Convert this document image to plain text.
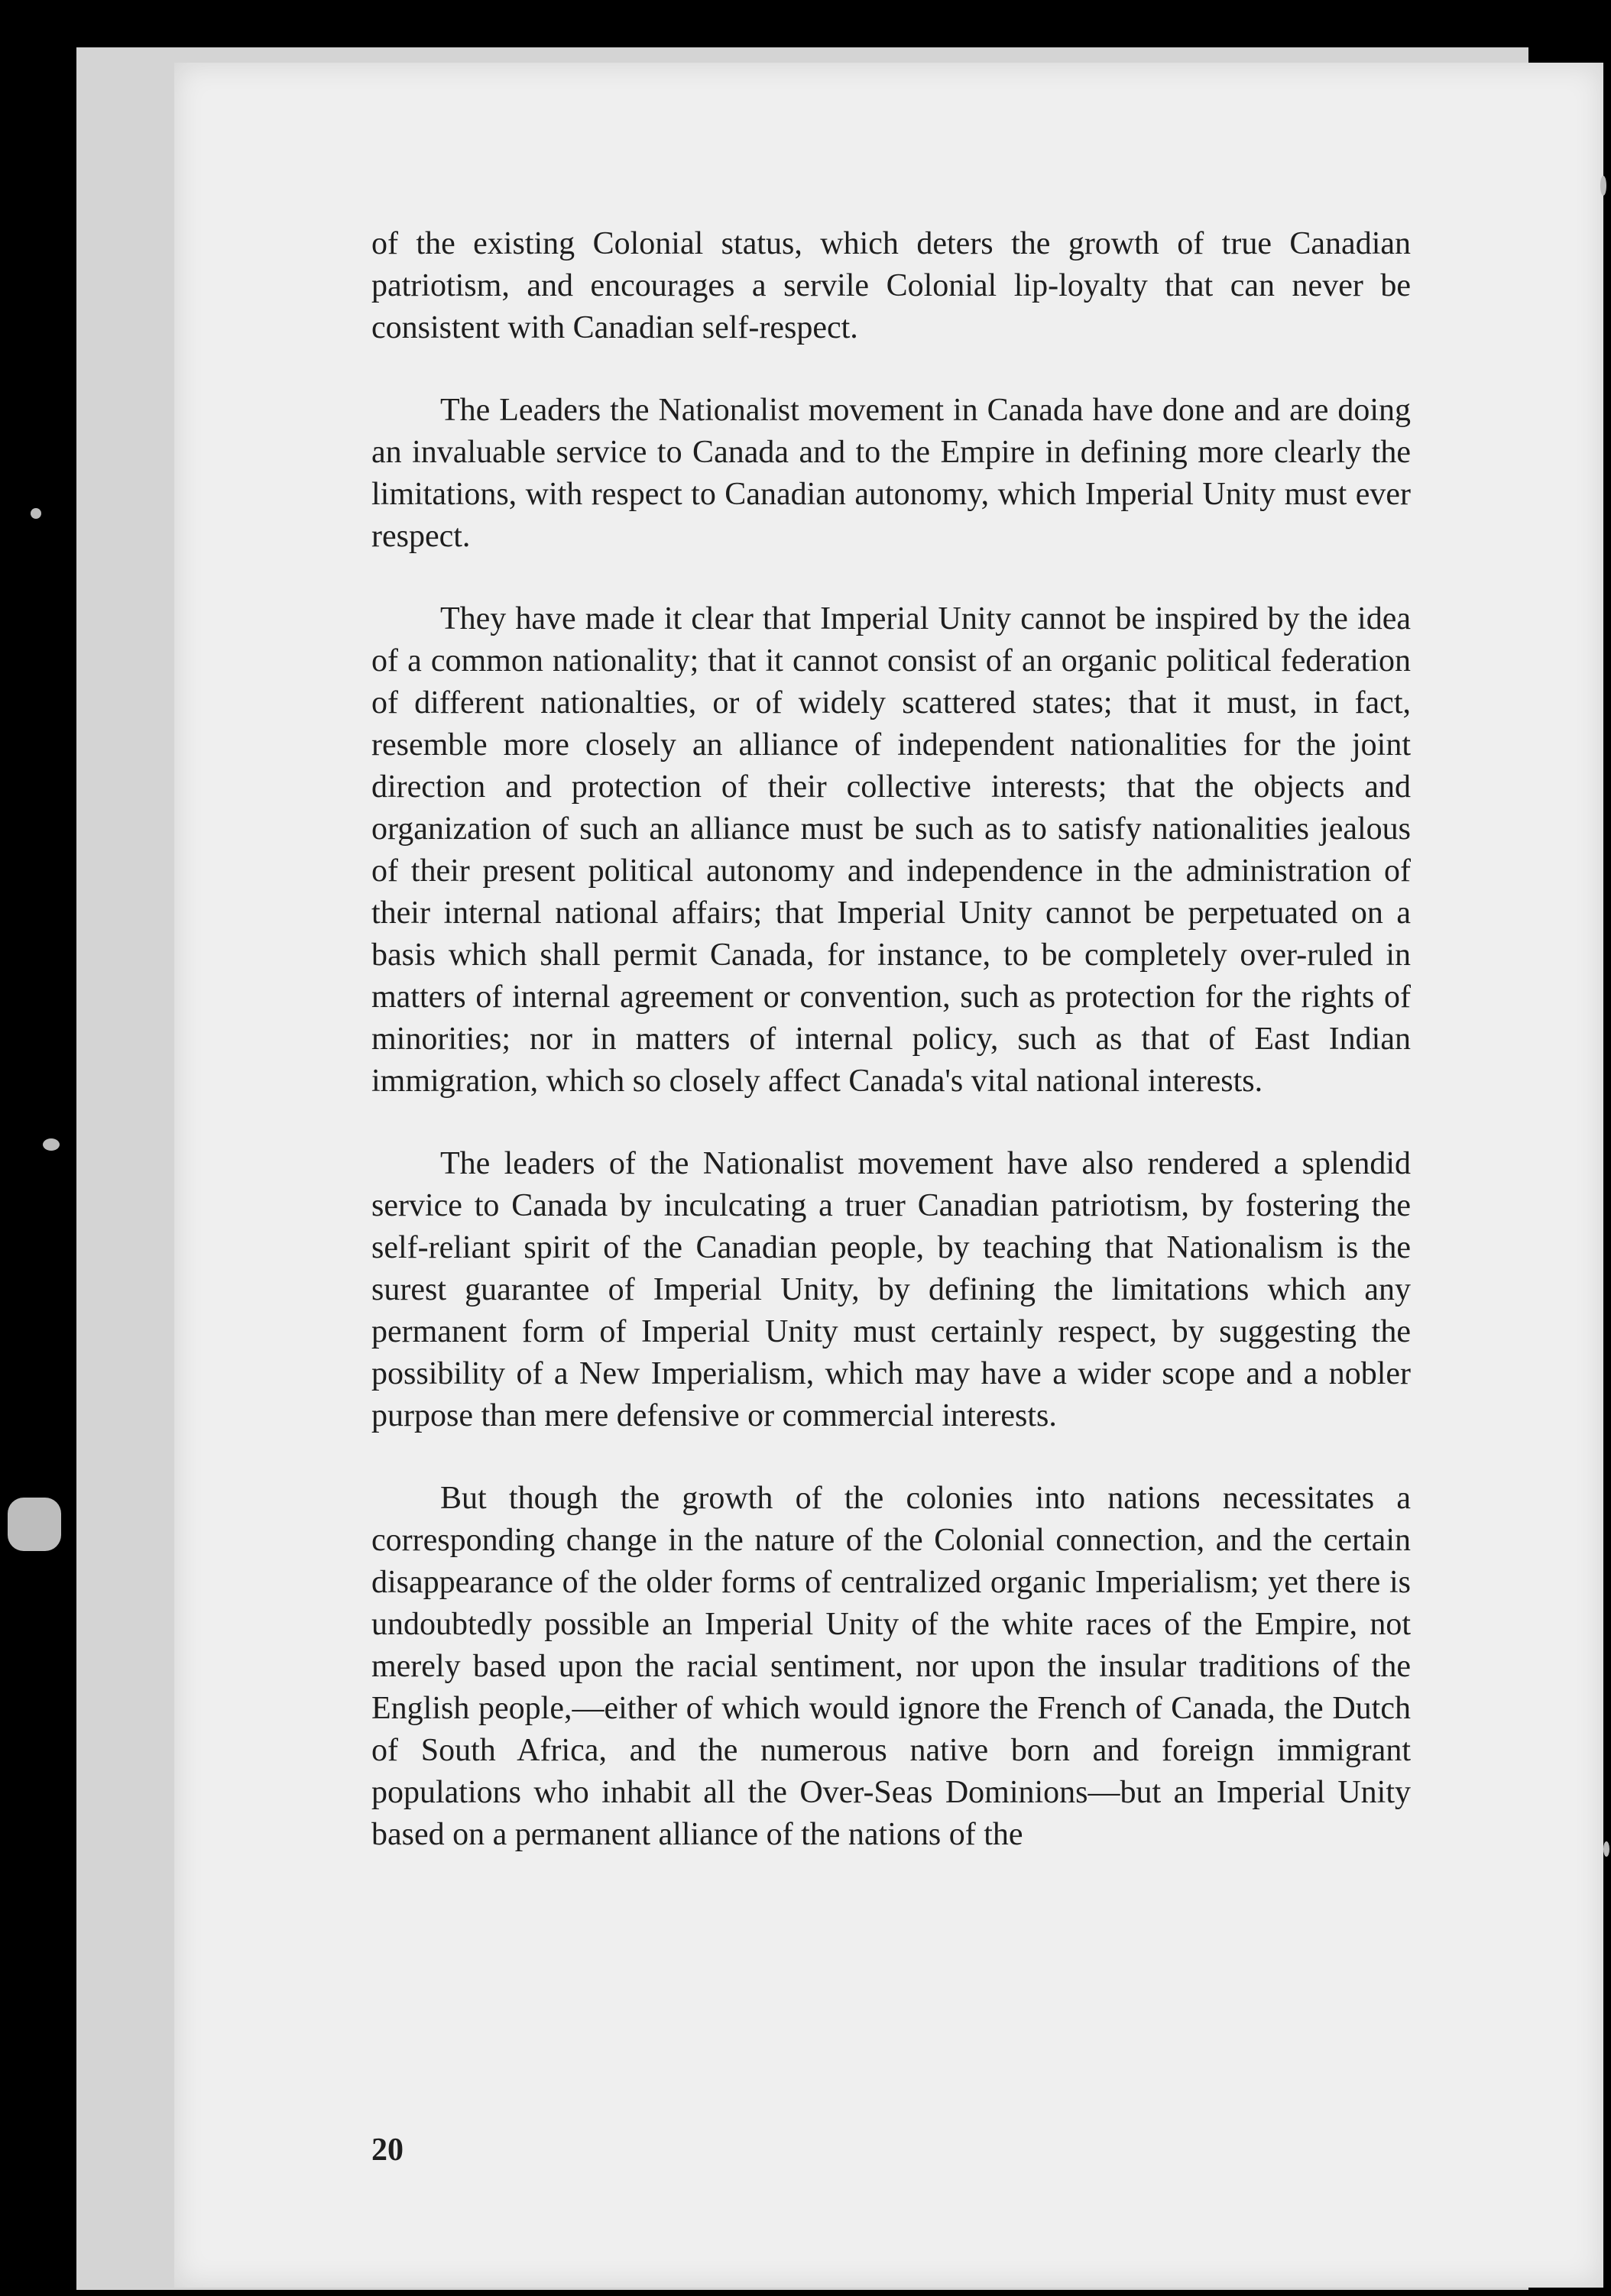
of the existing Colonial status, which deters the growth of true Canadian patriotism, and encourages a servile Colonial lip-loyalty that can never be consistent with Canadian self-respect.

The Leaders the Nationalist movement in Canada have done and are doing an invaluable service to Canada and to the Empire in defining more clearly the limitations, with respect to Canadian autonomy, which Imperial Unity must ever respect.

They have made it clear that Imperial Unity cannot be inspired by the idea of a common nationality; that it cannot consist of an organic political federation of different nationalties, or of widely scattered states; that it must, in fact, resemble more closely an alliance of independent nationalities for the joint direction and protection of their collective interests; that the objects and organization of such an alliance must be such as to satisfy nationalities jealous of their present political autonomy and independence in the administration of their internal national affairs; that Imperial Unity cannot be perpetuated on a basis which shall permit Canada, for instance, to be completely over-ruled in matters of internal agreement or convention, such as protection for the rights of minorities; nor in matters of internal policy, such as that of East Indian immigration, which so closely affect Canada's vital national interests.

The leaders of the Nationalist movement have also rendered a splendid service to Canada by inculcating a truer Canadian patriotism, by fostering the self-reliant spirit of the Canadian people, by teaching that Nationalism is the surest guarantee of Imperial Unity, by defining the limitations which any permanent form of Imperial Unity must certainly respect, by suggesting the possibility of a New Imperialism, which may have a wider scope and a nobler purpose than mere defensive or commercial interests.

But though the growth of the colonies into nations necessitates a corresponding change in the nature of the Colonial connection, and the certain disappearance of the older forms of centralized organic Imperialism; yet there is undoubtedly possible an Imperial Unity of the white races of the Empire, not merely based upon the racial sentiment, nor upon the insular traditions of the English people,—either of which would ignore the French of Canada, the Dutch of South Africa, and the numerous native born and foreign immigrant populations who inhabit all the Over-Seas Dominions—but an Imperial Unity based on a permanent alliance of the nations of the

20
